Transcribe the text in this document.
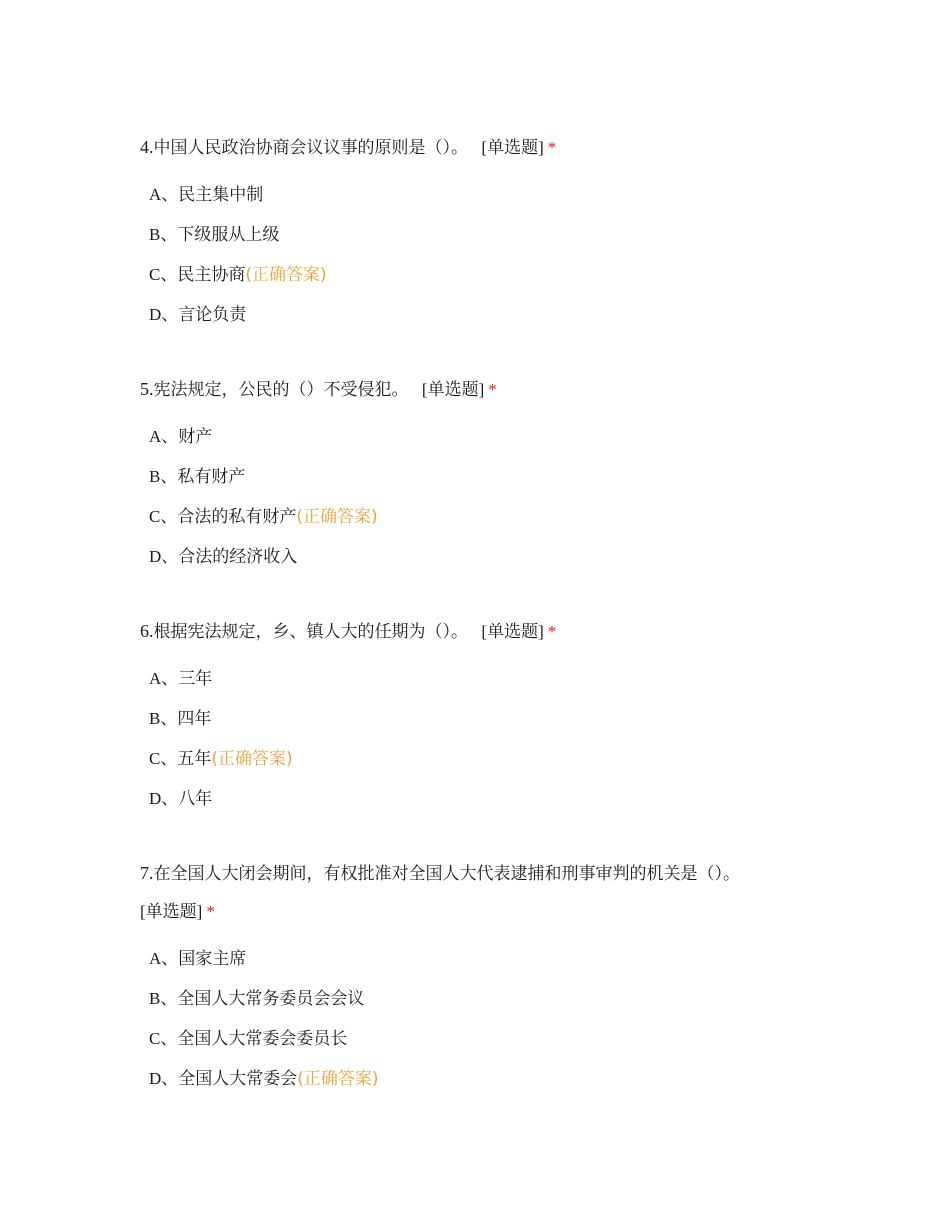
4.中国人民政治协商会议议事的原则是（）。 [单选题] *

A、民主集中制
B、下级服从上级
C、民主协商(正确答案)
D、言论负责

5.宪法规定，公民的（）不受侵犯。 [单选题] *

A、财产
B、私有财产
C、合法的私有财产(正确答案)
D、合法的经济收入

6.根据宪法规定，乡、镇人大的任期为（）。 [单选题] *

A、三年
B、四年
C、五年(正确答案)
D、八年

7.在全国人大闭会期间，有权批准对全国人大代表逮捕和刑事审判的机关是（）。
[单选题] *

A、国家主席
B、全国人大常务委员会会议
C、全国人大常委会委员长
D、全国人大常委会(正确答案)
